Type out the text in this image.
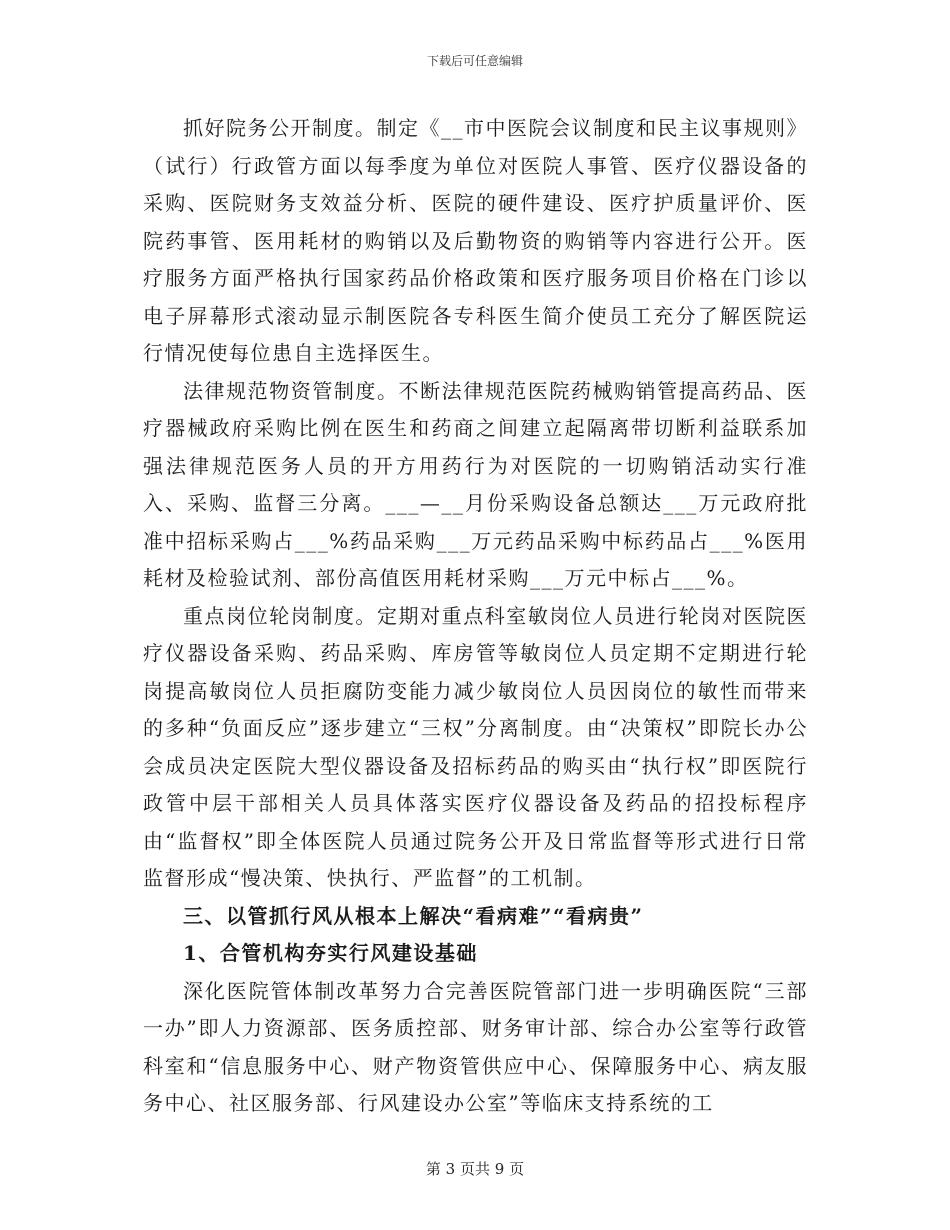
下载后可任意编辑

抓好院务公开制度。制定《__市中医院会议制度和民主议事规则》（试行）行政管方面以每季度为单位对医院人事管、医疗仪器设备的采购、医院财务支效益分析、医院的硬件建设、医疗护质量评价、医院药事管、医用耗材的购销以及后勤物资的购销等内容进行公开。医疗服务方面严格执行国家药品价格政策和医疗服务项目价格在门诊以电子屏幕形式滚动显示制医院各专科医生简介使员工充分了解医院运行情况使每位患自主选择医生。

法律规范物资管制度。不断法律规范医院药械购销管提高药品、医疗器械政府采购比例在医生和药商之间建立起隔离带切断利益联系加强法律规范医务人员的开方用药行为对医院的一切购销活动实行准入、采购、监督三分离。___—__月份采购设备总额达___万元政府批准中招标采购占___%药品采购___万元药品采购中标药品占___%医用耗材及检验试剂、部份高值医用耗材采购___万元中标占___%。

重点岗位轮岗制度。定期对重点科室敏岗位人员进行轮岗对医院医疗仪器设备采购、药品采购、库房管等敏岗位人员定期不定期进行轮岗提高敏岗位人员拒腐防变能力减少敏岗位人员因岗位的敏性而带来的多种“负面反应”逐步建立“三权”分离制度。由“决策权”即院长办公会成员决定医院大型仪器设备及招标药品的购买由“执行权”即医院行政管中层干部相关人员具体落实医疗仪器设备及药品的招投标程序由“监督权”即全体医院人员通过院务公开及日常监督等形式进行日常监督形成“慢决策、快执行、严监督”的工机制。

三、以管抓行风从根本上解决“看病难”“看病贵”

1、合管机构夯实行风建设基础

深化医院管体制改革努力合完善医院管部门进一步明确医院“三部一办”即人力资源部、医务质控部、财务审计部、综合办公室等行政管科室和“信息服务中心、财产物资管供应中心、保障服务中心、病友服务中心、社区服务部、行风建设办公室”等临床支持系统的工

第 3 页共 9 页
